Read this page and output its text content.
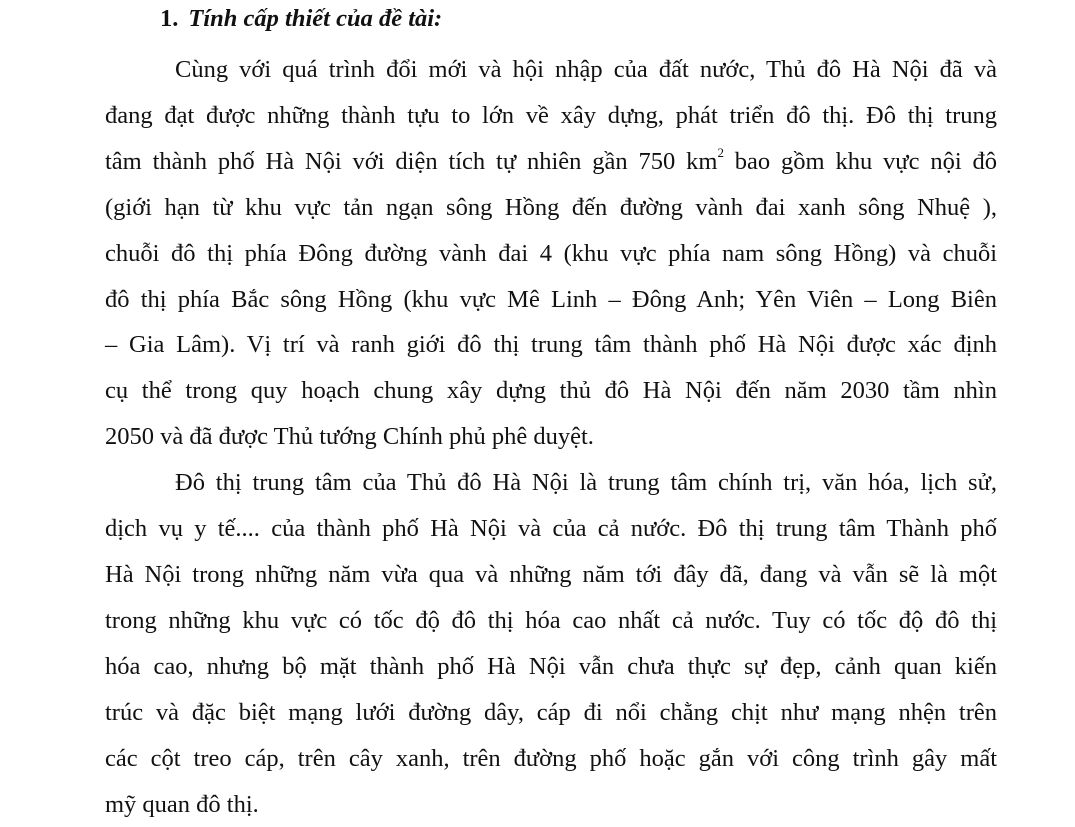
1. Tính cấp thiết của đề tài:
Cùng với quá trình đổi mới và hội nhập của đất nước, Thủ đô Hà Nội đã và
đang đạt được những thành tựu to lớn về xây dựng, phát triển đô thị. Đô thị trung
tâm thành phố Hà Nội với diện tích tự nhiên gần 750 $km^2$ bao gồm khu vực nội đô
(giới hạn từ khu vực tản ngạn sông Hồng đến đường vành đai xanh sông Nhuệ ),
chuỗi đô thị phía Đông đường vành đai 4 (khu vực phía nam sông Hồng) và chuỗi
đô thị phía Bắc sông Hồng (khu vực Mê Linh – Đông Anh; Yên Viên – Long Biên
– Gia Lâm). Vị trí và ranh giới đô thị trung tâm thành phố Hà Nội được xác định
cụ thể trong quy hoạch chung xây dựng thủ đô Hà Nội đến năm 2030 tầm nhìn
2050 và đã được Thủ tướng Chính phủ phê duyệt.
Đô thị trung tâm của Thủ đô Hà Nội là trung tâm chính trị, văn hóa, lịch sử,
dịch vụ y tế.... của thành phố Hà Nội và của cả nước. Đô thị trung tâm Thành phố
Hà Nội trong những năm vừa qua và những năm tới đây đã, đang và vẫn sẽ là một
trong những khu vực có tốc độ đô thị hóa cao nhất cả nước. Tuy có tốc độ đô thị
hóa cao, nhưng bộ mặt thành phố Hà Nội vẫn chưa thực sự đẹp, cảnh quan kiến
trúc và đặc biệt mạng lưới đường dây, cáp đi nổi chằng chịt như mạng nhện trên
các cột treo cáp, trên cây xanh, trên đường phố hoặc gắn với công trình gây mất
mỹ quan đô thị.
